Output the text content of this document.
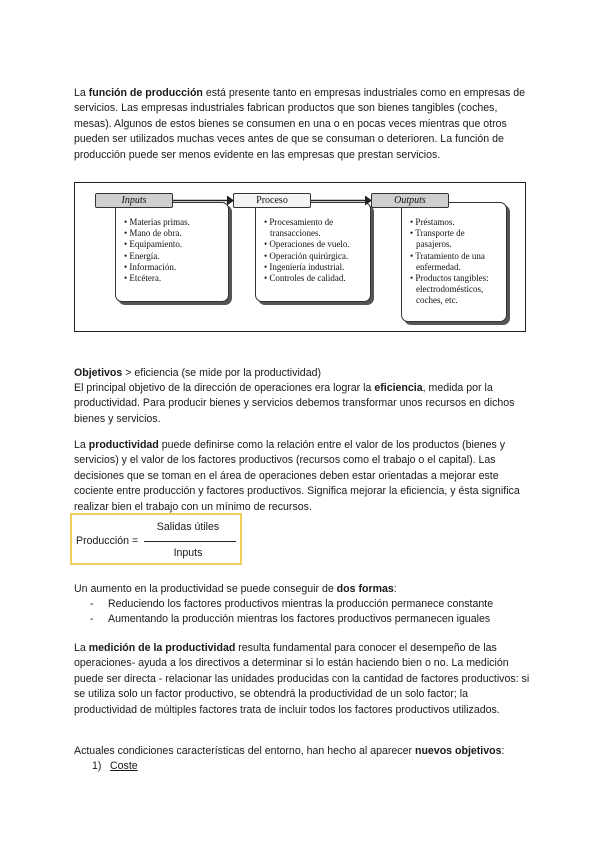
La función de producción está presente tanto en empresas industriales como en empresas de servicios. Las empresas industriales fabrican productos que son bienes tangibles (coches, mesas). Algunos de estos bienes se consumen en una o en pocas veces mientras que otros pueden ser utilizados muchas veces antes de que se consuman o deterioren. La función de producción puede ser menos evidente en las empresas que prestan servicios.

• Materias primas.
• Mano de obra.
• Equipamiento.
• Energía.
• Información.
• Etcétera.
Inputs
• Procesamiento de transacciones.
• Operaciones de vuelo.
• Operación quirúrgica.
• Ingeniería industrial.
• Controles de calidad.
Proceso
• Préstamos.
• Transporte de pasajeros.
• Tratamiento de una enfermedad.
• Productos tangibles: electrodomésticos, coches, etc.
Outputs

Objetivos > eficiencia (se mide por la productividad)

El principal objetivo de la dirección de operaciones era lograr la eficiencia, medida por la productividad. Para producir bienes y servicios debemos transformar unos recursos en dichos bienes y servicios.

La productividad puede definirse como la relación entre el valor de los productos (bienes y servicios) y el valor de los factores productivos (recursos como el trabajo o el capital). Las decisiones que se toman en el área de operaciones deben estar orientadas a mejorar este cociente entre producción y factores productivos. Significa mejorar la eficiencia, y ésta significa realizar bien el trabajo con un mínimo de recursos.

Producción =
Salidas útiles
Inputs

Un aumento en la productividad se puede conseguir de dos formas:

- Reduciendo los factores productivos mientras la producción permanece constante
- Aumentando la producción mientras los factores productivos permanecen iguales

La medición de la productividad resulta fundamental para conocer el desempeño de las operaciones- ayuda a los directivos a determinar si lo están haciendo bien o no. La medición puede ser directa - relacionar las unidades producidas con la cantidad de factores productivos: si se utiliza solo un factor productivo, se obtendrá la productividad de un solo factor; la productividad de múltiples factores trata de incluir todos los factores productivos utilizados.

Actuales condiciones características del entorno, han hecho al aparecer nuevos objetivos:

1) Coste
